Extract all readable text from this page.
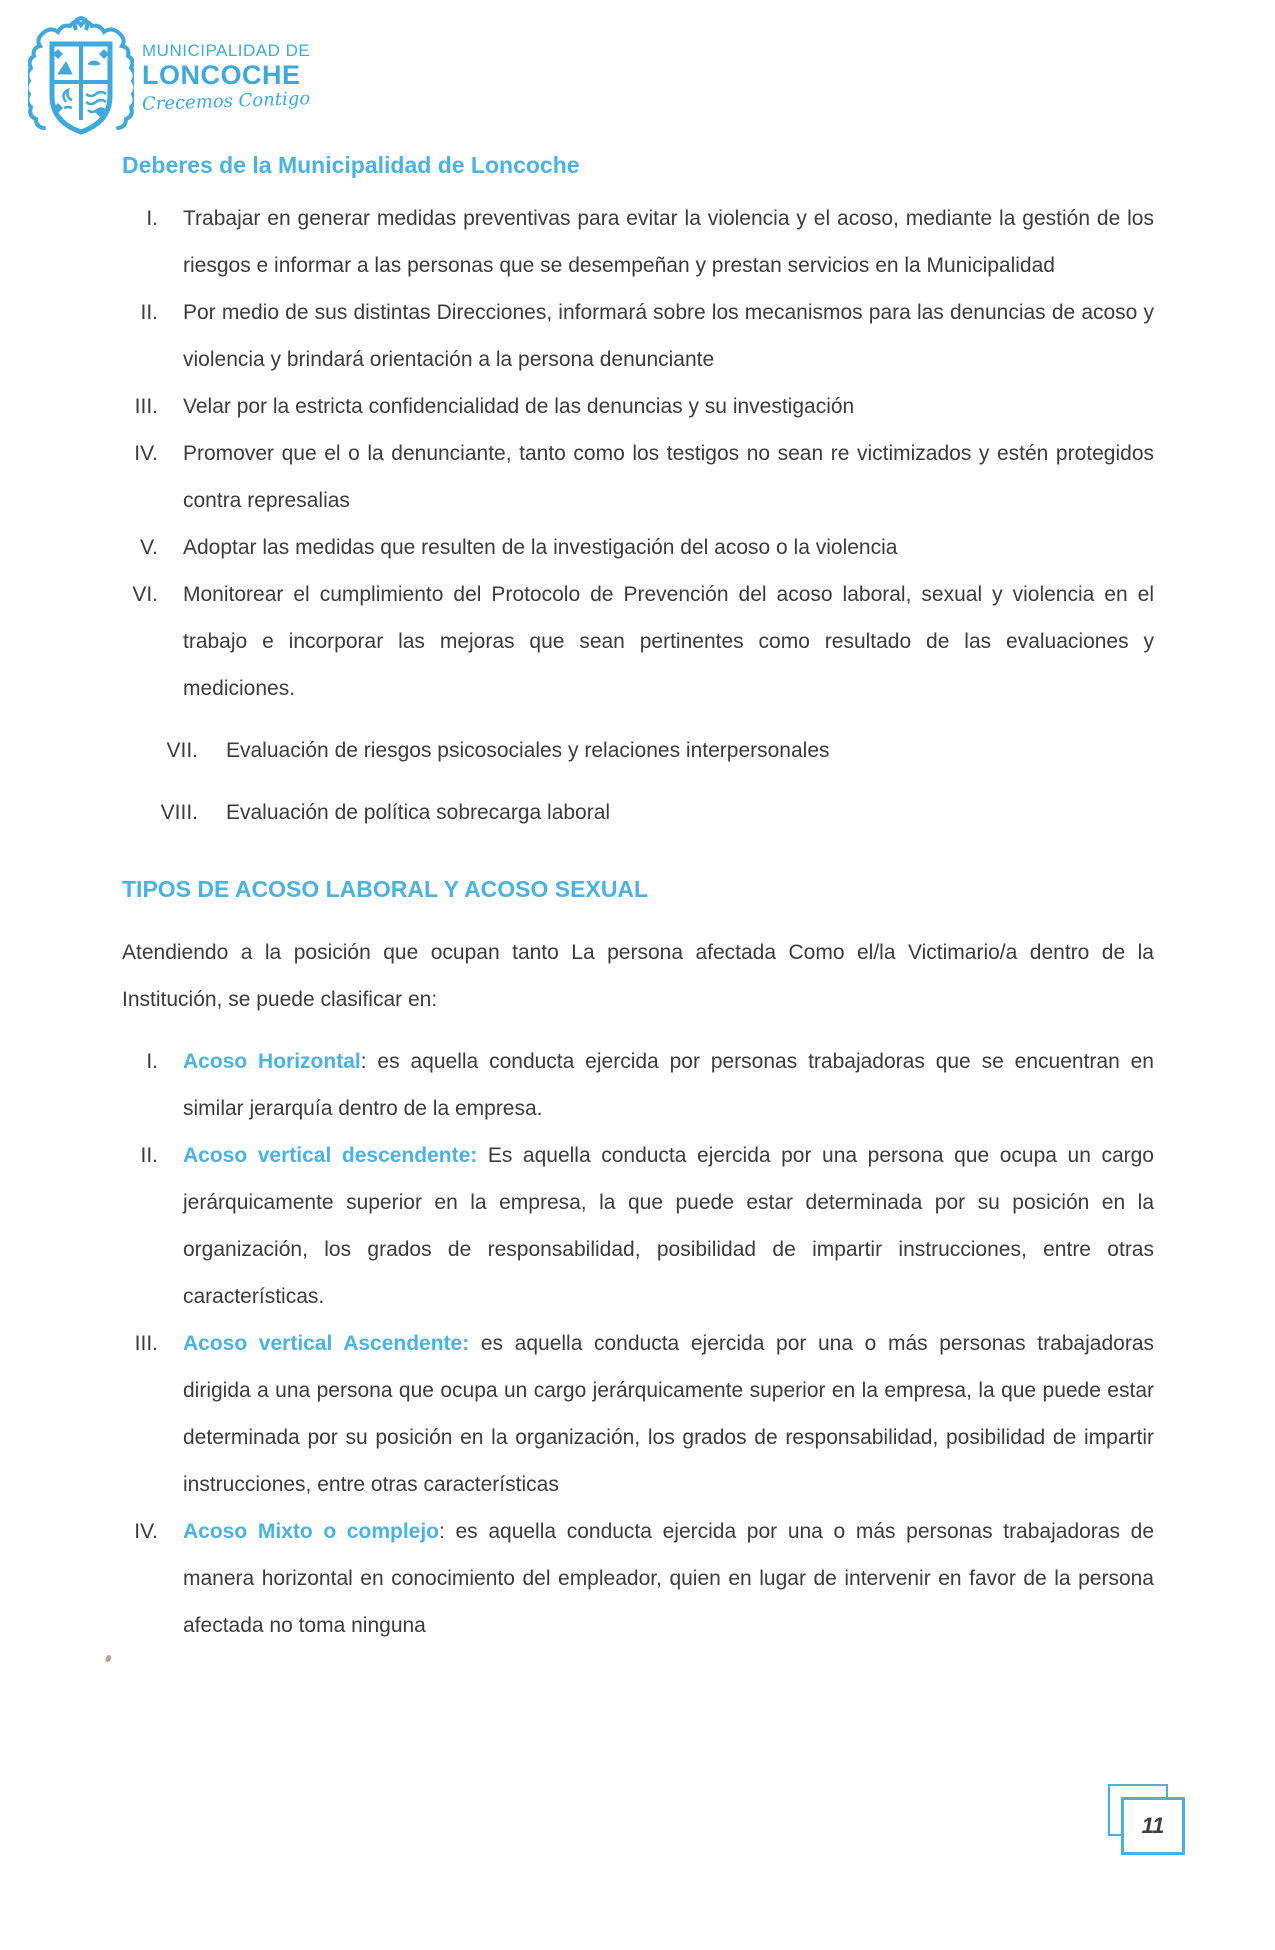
MUNICIPALIDAD DE
LONCOCHE
Crecemos Contigo
Deberes de la Municipalidad de Loncoche
I. Trabajar en generar medidas preventivas para evitar la violencia y el acoso, mediante la gestión de los riesgos e informar a las personas que se desempeñan y prestan servicios en la Municipalidad
II. Por medio de sus distintas Direcciones, informará sobre los mecanismos para las denuncias de acoso y violencia y brindará orientación a la persona denunciante
III. Velar por la estricta confidencialidad de las denuncias y su investigación
IV. Promover que el o la denunciante, tanto como los testigos no sean re victimizados y estén protegidos contra represalias
V. Adoptar las medidas que resulten de la investigación del acoso o la violencia
VI. Monitorear el cumplimiento del Protocolo de Prevención del acoso laboral, sexual y violencia en el trabajo e incorporar las mejoras que sean pertinentes como resultado de las evaluaciones y mediciones.
VII. Evaluación de riesgos psicosociales y relaciones interpersonales
VIII. Evaluación de política sobrecarga laboral
TIPOS DE ACOSO LABORAL Y ACOSO SEXUAL

Atendiendo a la posición que ocupan tanto La persona afectada Como el/la Victimario/a dentro de la Institución, se puede clasificar en:

I. Acoso Horizontal: es aquella conducta ejercida por personas trabajadoras que se encuentran en similar jerarquía dentro de la empresa.
II. Acoso vertical descendente: Es aquella conducta ejercida por una persona que ocupa un cargo jerárquicamente superior en la empresa, la que puede estar determinada por su posición en la organización, los grados de responsabilidad, posibilidad de impartir instrucciones, entre otras características.
III. Acoso vertical Ascendente: es aquella conducta ejercida por una o más personas trabajadoras dirigida a una persona que ocupa un cargo jerárquicamente superior en la empresa, la que puede estar determinada por su posición en la organización, los grados de responsabilidad, posibilidad de impartir instrucciones, entre otras características
IV. Acoso Mixto o complejo: es aquella conducta ejercida por una o más personas trabajadoras de manera horizontal en conocimiento del empleador, quien en lugar de intervenir en favor de la persona afectada no toma ninguna
11
